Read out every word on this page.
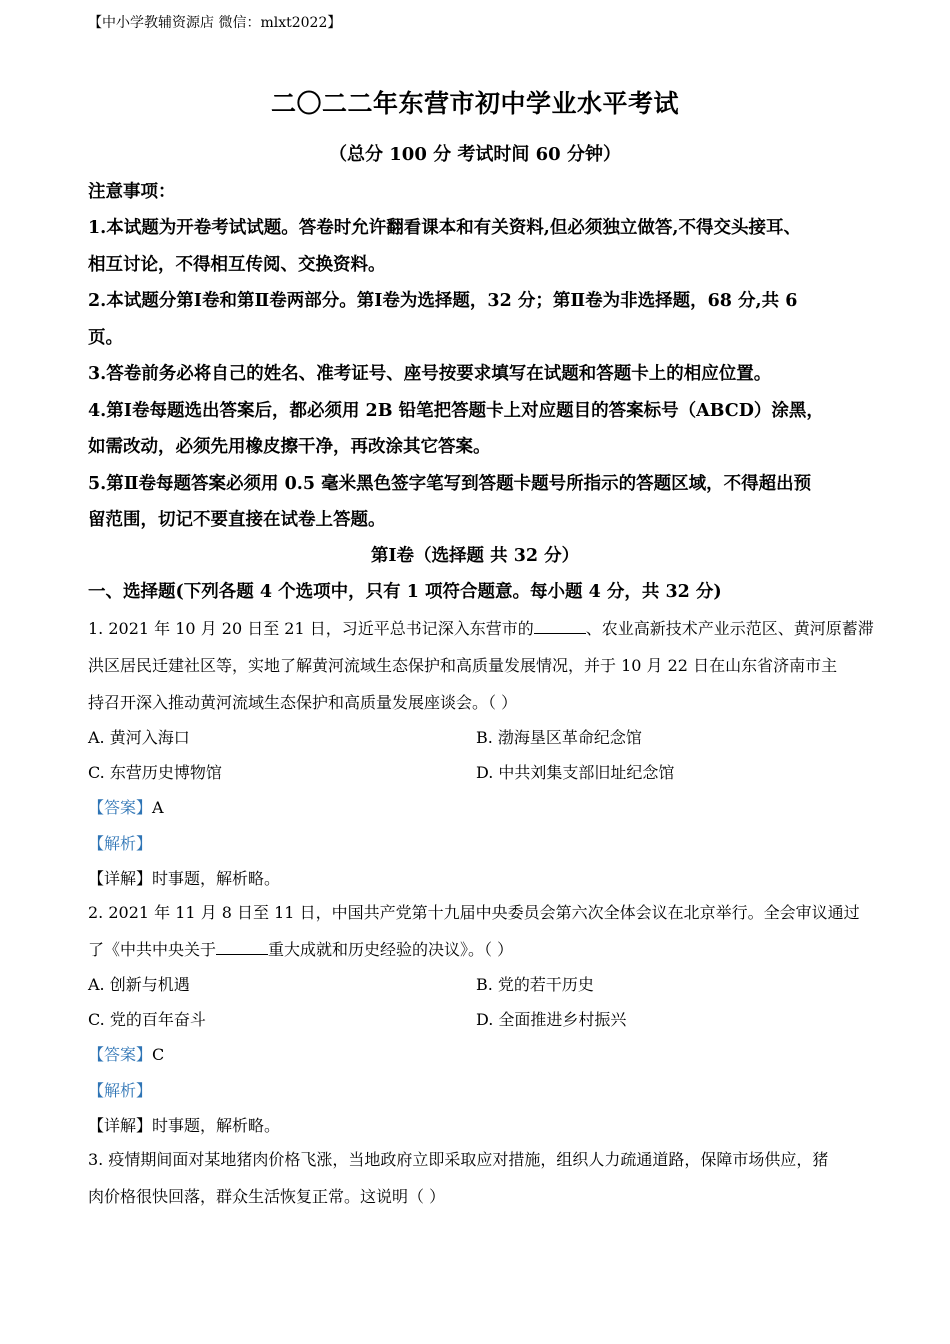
【中小学教辅资源店 微信：mlxt2022】
二〇二二年东营市初中学业水平考试
（总分 100 分 考试时间 60 分钟）
注意事项：
1.本试题为开卷考试试题。答卷时允许翻看课本和有关资料,但必须独立做答,不得交头接耳、
相互讨论，不得相互传阅、交换资料。
2.本试题分第Ⅰ卷和第Ⅱ卷两部分。第Ⅰ卷为选择题，32 分；第Ⅱ卷为非选择题，68 分,共 6
页。
3.答卷前务必将自己的姓名、准考证号、座号按要求填写在试题和答题卡上的相应位置。
4.第Ⅰ卷每题选出答案后，都必须用 2B 铅笔把答题卡上对应题目的答案标号（ABCD）涂黑，
如需改动，必须先用橡皮擦干净，再改涂其它答案。
5.第Ⅱ卷每题答案必须用 0.5 毫米黑色签字笔写到答题卡题号所指示的答题区域，不得超出预
留范围，切记不要直接在试卷上答题。
第Ⅰ卷（选择题 共 32 分）
一、选择题(下列各题 4 个选项中，只有 1 项符合题意。每小题 4 分，共 32 分)
1. 2021 年 10 月 20 日至 21 日，习近平总书记深入东营市的	、农业高新技术产业示范区、黄河原蓄滞
洪区居民迁建社区等，实地了解黄河流域生态保护和高质量发展情况，并于 10 月 22 日在山东省济南市主
持召开深入推动黄河流域生态保护和高质量发展座谈会。（ ）
A. 黄河入海口	B. 渤海垦区革命纪念馆
C. 东营历史博物馆	D. 中共刘集支部旧址纪念馆
【答案】A
【解析】
【详解】时事题，解析略。
2. 2021 年 11 月 8 日至 11 日，中国共产党第十九届中央委员会第六次全体会议在北京举行。全会审议通过
了《中共中央关于	重大成就和历史经验的决议》。（ ）
A. 创新与机遇	B. 党的若干历史
C. 党的百年奋斗	D. 全面推进乡村振兴
【答案】C
【解析】
【详解】时事题，解析略。
3. 疫情期间面对某地猪肉价格飞涨，当地政府立即采取应对措施，组织人力疏通道路，保障市场供应，猪
肉价格很快回落，群众生活恢复正常。这说明（ ）
